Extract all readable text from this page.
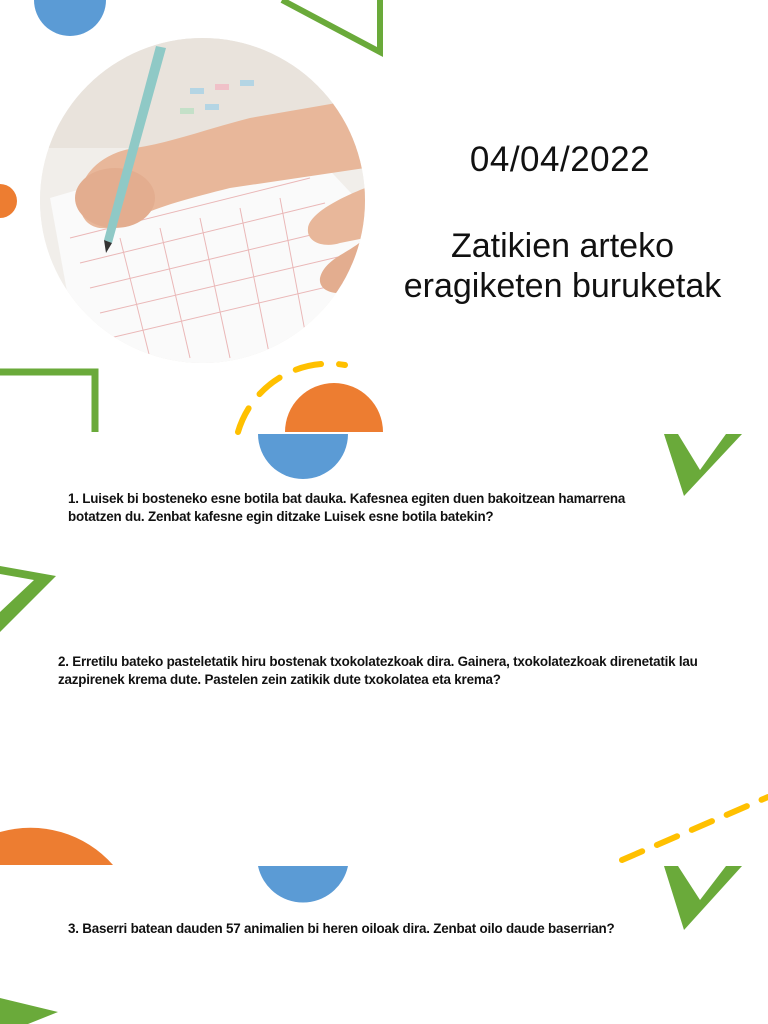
04/04/2022
Zatikien arteko
eragiketen buruketak
1. Luisek bi bosteneko esne botila bat dauka. Kafesnea egiten duen bakoitzean hamarrena
botatzen du. Zenbat kafesne egin ditzake Luisek esne botila batekin?
2. Erretilu bateko pasteletatik hiru bostenak txokolatezkoak dira. Gainera, txokolatezkoak direnetatik lau
zazpirenek krema dute. Pastelen zein zatikik dute txokolatea eta krema?
3. Baserri batean dauden 57 animalien bi heren oiloak dira. Zenbat oilo daude baserrian?
